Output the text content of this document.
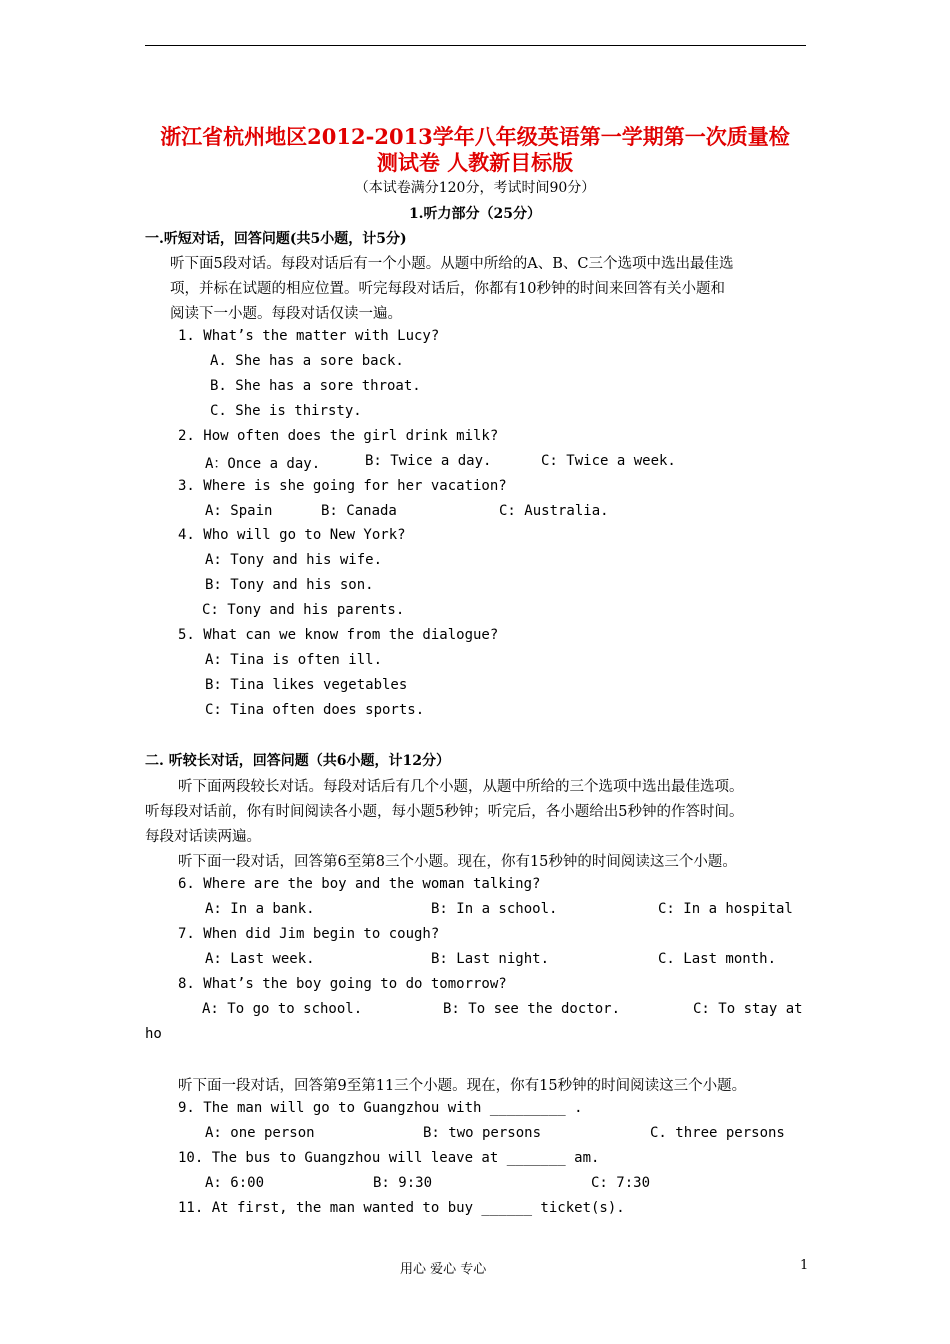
浙江省杭州地区2012-2013学年八年级英语第一学期第一次质量检
测试卷 人教新目标版
（本试卷满分120分，考试时间90分）
1.听力部分（25分）
一.听短对话，回答问题(共5小题，计5分)
听下面5段对话。每段对话后有一个小题。从题中所给的A、B、C三个选项中选出最佳选
项，并标在试题的相应位置。听完每段对话后，你都有10秒钟的时间来回答有关小题和
阅读下一小题。每段对话仅读一遍。
1. What’s the matter with Lucy?
A. She has a sore back.
B. She has a sore throat.
C. She is thirsty.
2. How often does the girl drink milk?
A：Once a day.	B: Twice a day.	C: Twice a week.
3. Where is she going for her vacation?
A: Spain	B: Canada	C: Australia.
4. Who will go to New York?
A: Tony and his wife.
B: Tony and his son.
C: Tony and his parents.
5. What can we know from the dialogue?
A: Tina is often ill.
B: Tina likes vegetables
C: Tina often does sports.
二. 听较长对话，回答问题（共6小题，计12分）
听下面两段较长对话。每段对话后有几个小题，从题中所给的三个选项中选出最佳选项。
听每段对话前，你有时间阅读各小题，每小题5秒钟；听完后，各小题给出5秒钟的作答时间。
每段对话读两遍。
听下面一段对话，回答第6至第8三个小题。现在，你有15秒钟的时间阅读这三个小题。
6. Where are the boy and the woman talking?
A: In a bank.	B: In a school.	C: In a hospital
7. When did Jim begin to cough?
A: Last week.	B: Last night.	C. Last month.
8. What’s the boy going to do tomorrow?
A: To go to school.	B: To see the doctor.	C: To stay at
ho
听下面一段对话，回答第9至第11三个小题。现在，你有15秒钟的时间阅读这三个小题。
9. The man will go to Guangzhou with _________ .
A: one person	B: two persons	C. three persons
10. The bus to Guangzhou will leave at _______ am.
A: 6:00	B: 9:30	C: 7:30
11. At first, the man wanted to buy ______ ticket(s).
用心 爱心 专心	1
